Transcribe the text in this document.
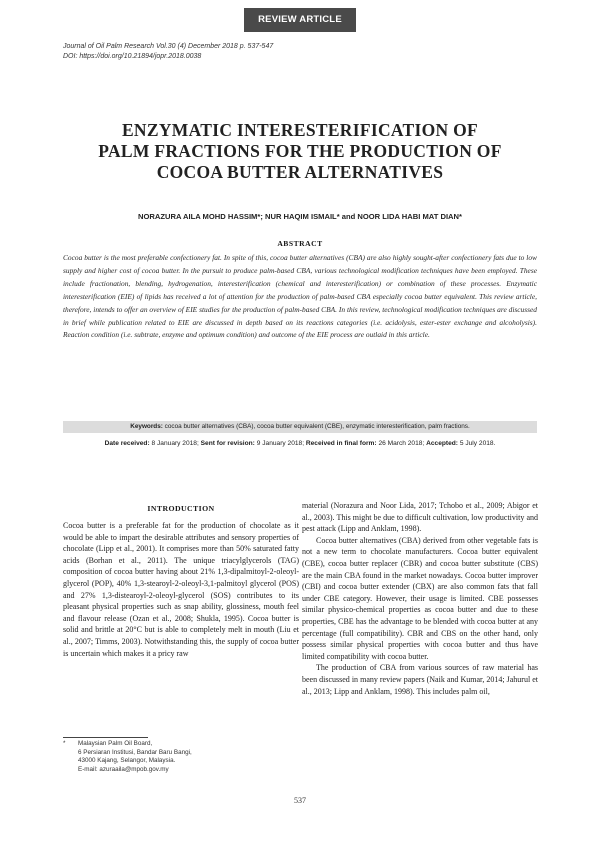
REVIEW ARTICLE
Journal of Oil Palm Research Vol.30 (4) December 2018 p. 537-547
DOI: https://doi.org/10.21894/jopr.2018.0038
ENZYMATIC INTERESTERIFICATION OF
PALM FRACTIONS FOR THE PRODUCTION OF
COCOA BUTTER ALTERNATIVES
NORAZURA AILA MOHD HASSIM*; NUR HAQIM ISMAIL* and NOOR LIDA HABI MAT DIAN*
ABSTRACT
Cocoa butter is the most preferable confectionery fat. In spite of this, cocoa butter alternatives (CBA) are also highly sought-after confectionery fats due to low supply and higher cost of cocoa butter. In the pursuit to produce palm-based CBA, various technological modification techniques have been employed. These include fractionation, blending, hydrogenation, interesterification (chemical and interesterification) or combination of these processes. Enzymatic interesterification (EIE) of lipids has received a lot of attention for the production of palm-based CBA especially cocoa butter equivalent. This review article, therefore, intends to offer an overview of EIE studies for the production of palm-based CBA. In this review, technological modification techniques are discussed in brief while publication related to EIE are discussed in depth based on its reactions categories (i.e. acidolysis, ester-ester exchange and alcoholysis). Reaction condition (i.e. subtrate, enzyme and optimum condition) and outcome of the EIE process are outlaid in this article.
Keywords: cocoa butter alternatives (CBA), cocoa butter equivalent (CBE), enzymatic interesterification, palm fractions.
Date received: 8 January 2018; Sent for revision: 9 January 2018; Received in final form: 26 March 2018; Accepted: 5 July 2018.
INTRODUCTION

Cocoa butter is a preferable fat for the production of chocolate as it would be able to impart the desirable attributes and sensory properties of chocolate (Lipp et al., 2001). It comprises more than 50% saturated fatty acids (Borhan et al., 2011). The unique triacylglycerols (TAG) composition of cocoa butter having about 21% 1,3-dipalmitoyl-2-oleoyl-glycerol (POP), 40% 1,3-stearoyl-2-oleoyl-3,1-palmitoyl glycerol (POS) and 27% 1,3-distearoyl-2-oleoyl-glycerol (SOS) contributes to its pleasant physical properties such as snap ability, glossiness, mouth feel and flavour release (Ozan et al., 2008; Shukla, 1995). Cocoa butter is solid and brittle at 20°C but is able to completely melt in mouth (Liu et al., 2007; Timms, 2003). Notwithstanding this, the supply of cocoa butter is uncertain which makes it a pricy raw

material (Norazura and Noor Lida, 2017; Tchobo et al., 2009; Abigor et al., 2003). This might be due to difficult cultivation, low productivity and pest attack (Lipp and Anklam, 1998).

Cocoa butter alternatives (CBA) derived from other vegetable fats is not a new term to chocolate manufacturers. Cocoa butter equivalent (CBE), cocoa butter replacer (CBR) and cocoa butter substitute (CBS) are the main CBA found in the market nowadays. Cocoa butter improver (CBI) and cocoa butter extender (CBX) are also common fats that fall under CBE category. However, their usage is limited. CBE possesses similar physico-chemical properties as cocoa butter and due to these properties, CBE has the advantage to be blended with cocoa butter at any percentage (full compatibility). CBR and CBS on the other hand, only possess similar physical properties with cocoa butter and thus have limited compatibility with cocoa butter.

The production of CBA from various sources of raw material has been discussed in many review papers (Naik and Kumar, 2014; Jahurul et al., 2013; Lipp and Anklam, 1998). This includes palm oil,

* Malaysian Palm Oil Board,
6 Persiaran Institusi, Bandar Baru Bangi,
43000 Kajang, Selangor, Malaysia.
E-mail: azuraaila@mpob.gov.my
537
